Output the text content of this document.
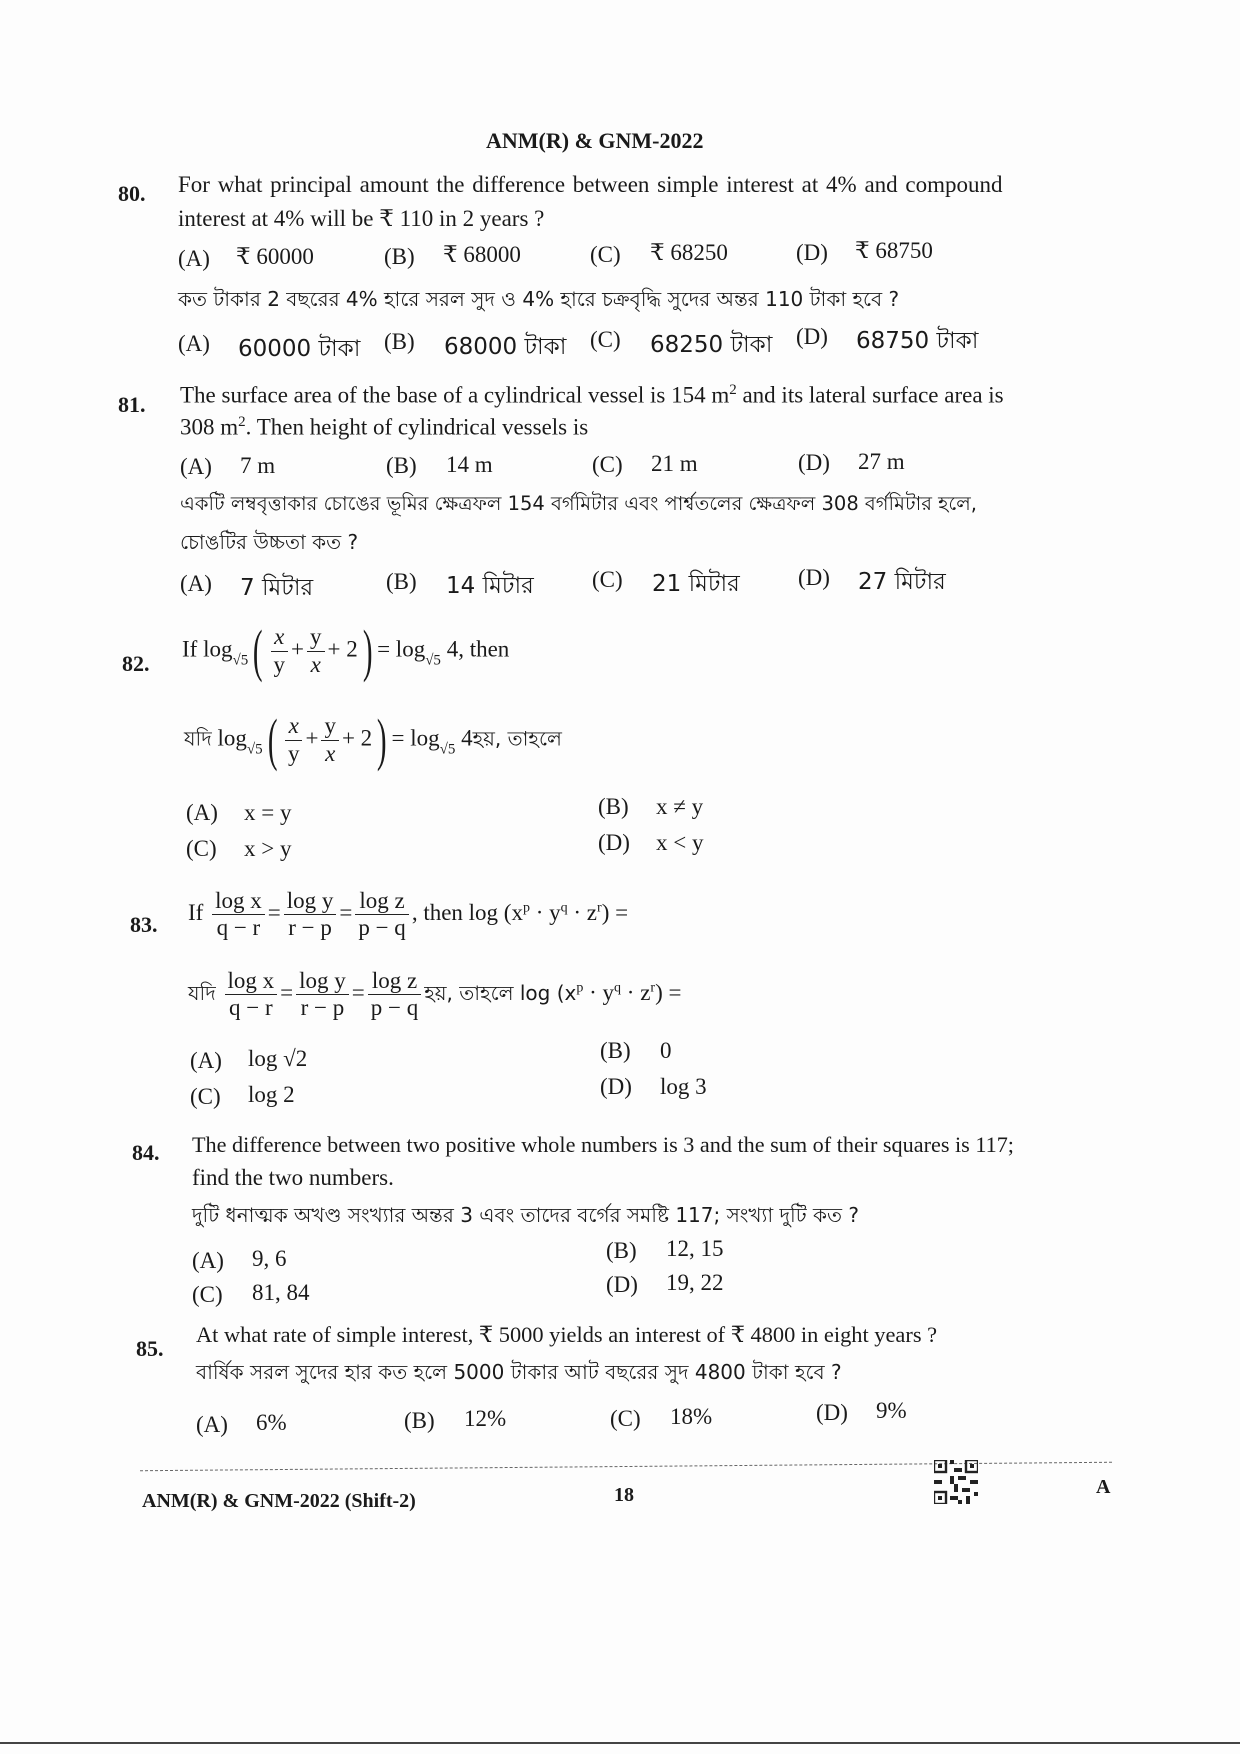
ANM(R) & GNM-2022
80. For what principal amount the difference between simple interest at 4% and compound
interest at 4% will be ₹ 110 in 2 years ?
(A) ₹ 60000	(B) ₹ 68000	(C) ₹ 68250	(D) ₹ 68750
কত টাকার 2 বছরের 4% হারে সরল সুদ ও 4% হারে চক্রবৃদ্ধি সুদের অন্তর 110 টাকা হবে ?
(A) 60000 টাকা (B) 68000 টাকা (C) 68250 টাকা (D) 68750 টাকা
81. The surface area of the base of a cylindrical vessel is 154 $m^2$ and its lateral surface area is
308 $m^2$. Then height of cylindrical vessels is
(A) 7 m	(B) 14 m	(C) 21 m	(D) 27 m
একটি লম্ববৃত্তাকার চোঙের ভূমির ক্ষেত্রফল 154 বর্গমিটার এবং পার্শ্বতলের ক্ষেত্রফল 308 বর্গমিটার হলে,
চোঙটির উচ্চতা কত ?
(A) 7 মিটার	(B) 14 মিটার	(C) 21 মিটার	(D) 27 মিটার
82.
If $\log_{√5}( \frac{x}{y} + \frac{y}{x} + 2) = \log_{√5} 4$, then
যদি $\log_{√5}( \frac{x}{y} + \frac{y}{x} + 2) = \log_{√5}$ 4হয়, তাহলে
(A) x = y	(B) x ≠ y
(C) x > y	(D) x < y
83. If $\frac{\text{log x}}{q - r} = \frac{\text{log y}}{r - p} = \frac{\text{log z}}{p - q}$ , then $\log (x^p \cdot y^q \cdot z^r)$ =
যদি $\frac{\text{log x}}{q - r} = \frac{\text{log y}}{r - p} = \frac{\text{log z}}{p - q}$ হয়, তাহলে $\log (x^p \cdot y^q \cdot z^r)$ =
(A) log √2	(B) 0
(C) log 2	(D) log 3
84. The difference between two positive whole numbers is 3 and the sum of their squares is 117;
find the two numbers.
দুটি ধনাত্মক অখণ্ড সংখ্যার অন্তর 3 এবং তাদের বর্গের সমষ্টি 117; সংখ্যা দুটি কত ?
(A) 9, 6	(B) 12, 15
(C) 81, 84	(D) 19, 22
85.
At what rate of simple interest, ₹ 5000 yields an interest of ₹ 4800 in eight years ?
বার্ষিক সরল সুদের হার কত হলে 5000 টাকার আট বছরের সুদ 4800 টাকা হবে ?
(A) 6%	(B) 12%	(C) 18%	(D) 9%
ANM(R) & GNM-2022 (Shift-2)	18	A
